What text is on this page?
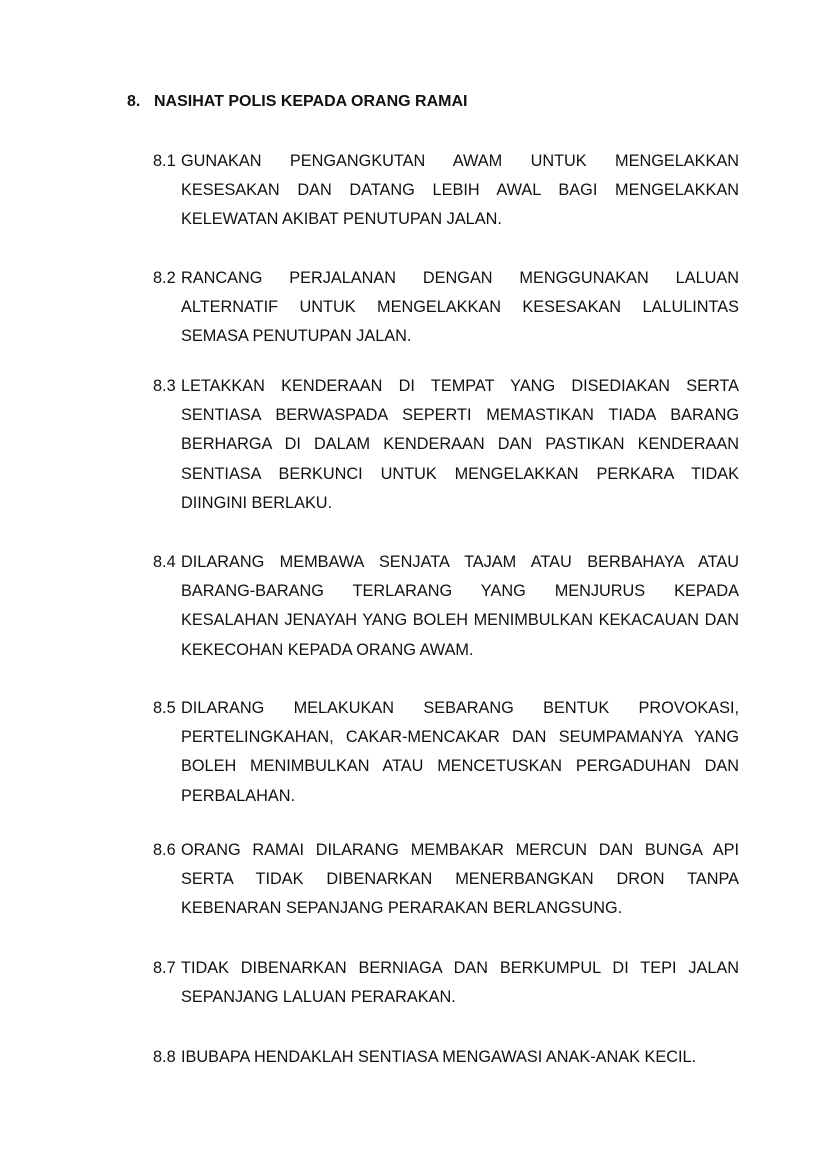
8. NASIHAT POLIS KEPADA ORANG RAMAI
8.1 GUNAKAN PENGANGKUTAN AWAM UNTUK MENGELAKKAN KESESAKAN DAN DATANG LEBIH AWAL BAGI MENGELAKKAN KELEWATAN AKIBAT PENUTUPAN JALAN.
8.2 RANCANG PERJALANAN DENGAN MENGGUNAKAN LALUAN ALTERNATIF UNTUK MENGELAKKAN KESESAKAN LALULINTAS SEMASA PENUTUPAN JALAN.
8.3 LETAKKAN KENDERAAN DI TEMPAT YANG DISEDIAKAN SERTA SENTIASA BERWASPADA SEPERTI MEMASTIKAN TIADA BARANG BERHARGA DI DALAM KENDERAAN DAN PASTIKAN KENDERAAN SENTIASA BERKUNCI UNTUK MENGELAKKAN PERKARA TIDAK DIINGINI BERLAKU.
8.4 DILARANG MEMBAWA SENJATA TAJAM ATAU BERBAHAYA ATAU BARANG-BARANG TERLARANG YANG MENJURUS KEPADA KESALAHAN JENAYAH YANG BOLEH MENIMBULKAN KEKACAUAN DAN KEKECOHAN KEPADA ORANG AWAM.
8.5 DILARANG MELAKUKAN SEBARANG BENTUK PROVOKASI, PERTELINGKAHAN, CAKAR-MENCAKAR DAN SEUMPAMANYA YANG BOLEH MENIMBULKAN ATAU MENCETUSKAN PERGADUHAN DAN PERBALAHAN.
8.6 ORANG RAMAI DILARANG MEMBAKAR MERCUN DAN BUNGA API SERTA TIDAK DIBENARKAN MENERBANGKAN DRON TANPA KEBENARAN SEPANJANG PERARAKAN BERLANGSUNG.
8.7 TIDAK DIBENARKAN BERNIAGA DAN BERKUMPUL DI TEPI JALAN SEPANJANG LALUAN PERARAKAN.
8.8 IBUBAPA HENDAKLAH SENTIASA MENGAWASI ANAK-ANAK KECIL.
